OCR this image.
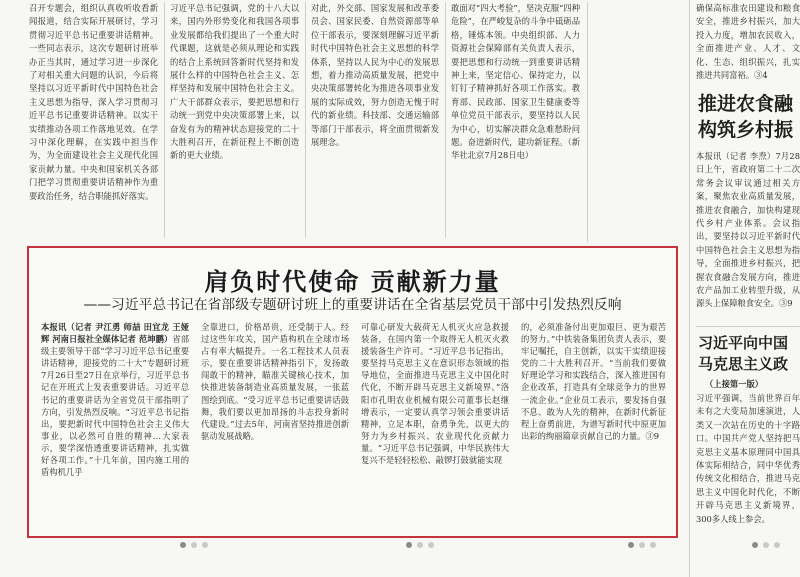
召开专题会，组织认真收听收看新闻报道，结合实际开展研讨，学习贯彻习近平总书记重要讲话精神。一些同志表示，这次专题研讨班举办正当其时，通过学习进一步深化了对相关重大问题的认识，今后将坚持以习近平新时代中国特色社会主义思想为指导，深入学习贯彻习近平总书记重要讲话精神。以实干实绩推动各项工作落地见效。在学习中深化理解，在实践中担当作为，为全面建设社会主义现代化国家贡献力量。中央和国家机关各部门把学习贯彻重要讲话精神作为重要政治任务，结合职能抓好落实。
习近平总书记强调，党的十八大以来，国内外形势变化和我国各项事业发展都给我们提出了一个重大时代课题，这就是必须从理论和实践的结合上系统回答新时代坚持和发展什么样的中国特色社会主义、怎样坚持和发展中国特色社会主义。广大干部群众表示，要把思想和行动统一到党中央决策部署上来，以奋发有为的精神状态迎接党的二十大胜利召开，在新征程上不断创造新的更大业绩。
对此，外交部、国家发展和改革委员会、国家民委、自然资源部等单位干部表示，要深刻理解习近平新时代中国特色社会主义思想的科学体系，坚持以人民为中心的发展思想，着力推动高质量发展，把党中央决策部署转化为推进各项事业发展的实际成效，努力创造无愧于时代的新业绩。科技部、交通运输部等部门干部表示，将全面贯彻新发展理念。
敢面对“四大考验”，坚决克服“四种危险”，在严峻复杂的斗争中砥砺品格，锤炼本领。中央组织部、人力资源社会保障部有关负责人表示，要把思想和行动统一到重要讲话精神上来，坚定信心、保持定力，以钉钉子精神抓好各项工作落实。教育部、民政部、国家卫生健康委等单位党员干部表示，要坚持以人民为中心，切实解决群众急难愁盼问题。奋进新时代，建功新征程。（新华社北京7月28日电）
确保高标准农田建设和粮食安全，推进乡村振兴，加大投入力度，增加农民收入，全面推进产业、人才、文化、生态、组织振兴，扎实推进共同富裕。③4
推进农食融
构筑乡村振
本报讯（记者 李焘）7月28日上午，省政府第二十二次常务会议审议通过相关方案，聚焦农业高质量发展，推进农食融合，加快构建现代乡村产业体系。会议指出，要坚持以习近平新时代中国特色社会主义思想为指导，全面推进乡村振兴，把握农食融合发展方向，推进农产品加工业转型升级，从源头上保障粮食安全。③9
习近平向中国
马克思主义政
（上接第一版）
习近平强调，当前世界百年未有之大变局加速演进，人类又一次站在历史的十字路口。中国共产党人坚持把马克思主义基本原理同中国具体实际相结合，同中华优秀传统文化相结合，推进马克思主义中国化时代化，不断开辟马克思主义新境界，300多人线上参会。
肩负时代使命 贡献新力量
——习近平总书记在省部级专题研讨班上的重要讲话在全省基层党员干部中引发热烈反响
本报讯（记者 尹江勇 师喆 田宜龙 王娅辉 河南日报社全媒体记者 范坤鹏）省部级主要领导干部“学习习近平总书记重要讲话精神，迎接党的二十大”专题研讨班7月26日至27日在京举行，习近平总书记在开班式上发表重要讲话。习近平总书记的重要讲话为全省党员干部指明了方向，引发热烈反响。“习近平总书记指出，要把新时代中国特色社会主义伟大事业，以必然可自胜的精神…大家表示，要学深悟透重要讲话精神，扎实做好各项工作。”十几年前，国内施工用的盾构机几乎
全靠进口，价格昂贵，还受制于人。经过这些年攻关，国产盾构机在全球市场占有率大幅提升。一名工程技术人员表示，要在重要讲话精神指引下，发扬敢闯敢干的精神，瞄准关键核心技术，加快推进装备制造业高质量发展，一张蓝图绘到底。“受习近平总书记重要讲话鼓舞，我们要以更加昂扬的斗志投身新时代建设。”过去5年，河南省坚持推进创新驱动发展战略。
可靠心研发大载荷无人机灭火应急救援装备，在国内第一个取得无人机灭火救援装备生产许可。“习近平总书记指出，要坚持马克思主义在意识形态领域的指导地位，全面推进马克思主义中国化时代化，不断开辟马克思主义新境界。”洛阳市孔明农业机械有限公司董事长赵继增表示，一定要认真学习领会重要讲话精神，立足本职，奋勇争先，以更大的努力为乡村振兴、农业现代化贡献力量。“习近平总书记强调，中华民族伟大复兴不是轻轻松松、敲锣打鼓就能实现
的，必须准备付出更加艰巨、更为艰苦的努力。”中铁装备集团负责人表示，要牢记嘱托，自主创新，以实干实绩迎接党的二十大胜利召开。“当前我们要做好理论学习和实践结合，深入推进国有企业改革，打造具有全球竞争力的世界一流企业。”企业员工表示，要发扬自强不息、敢为人先的精神，在新时代新征程上奋勇前进，为谱写新时代中原更加出彩的绚丽篇章贡献自己的力量。③9
